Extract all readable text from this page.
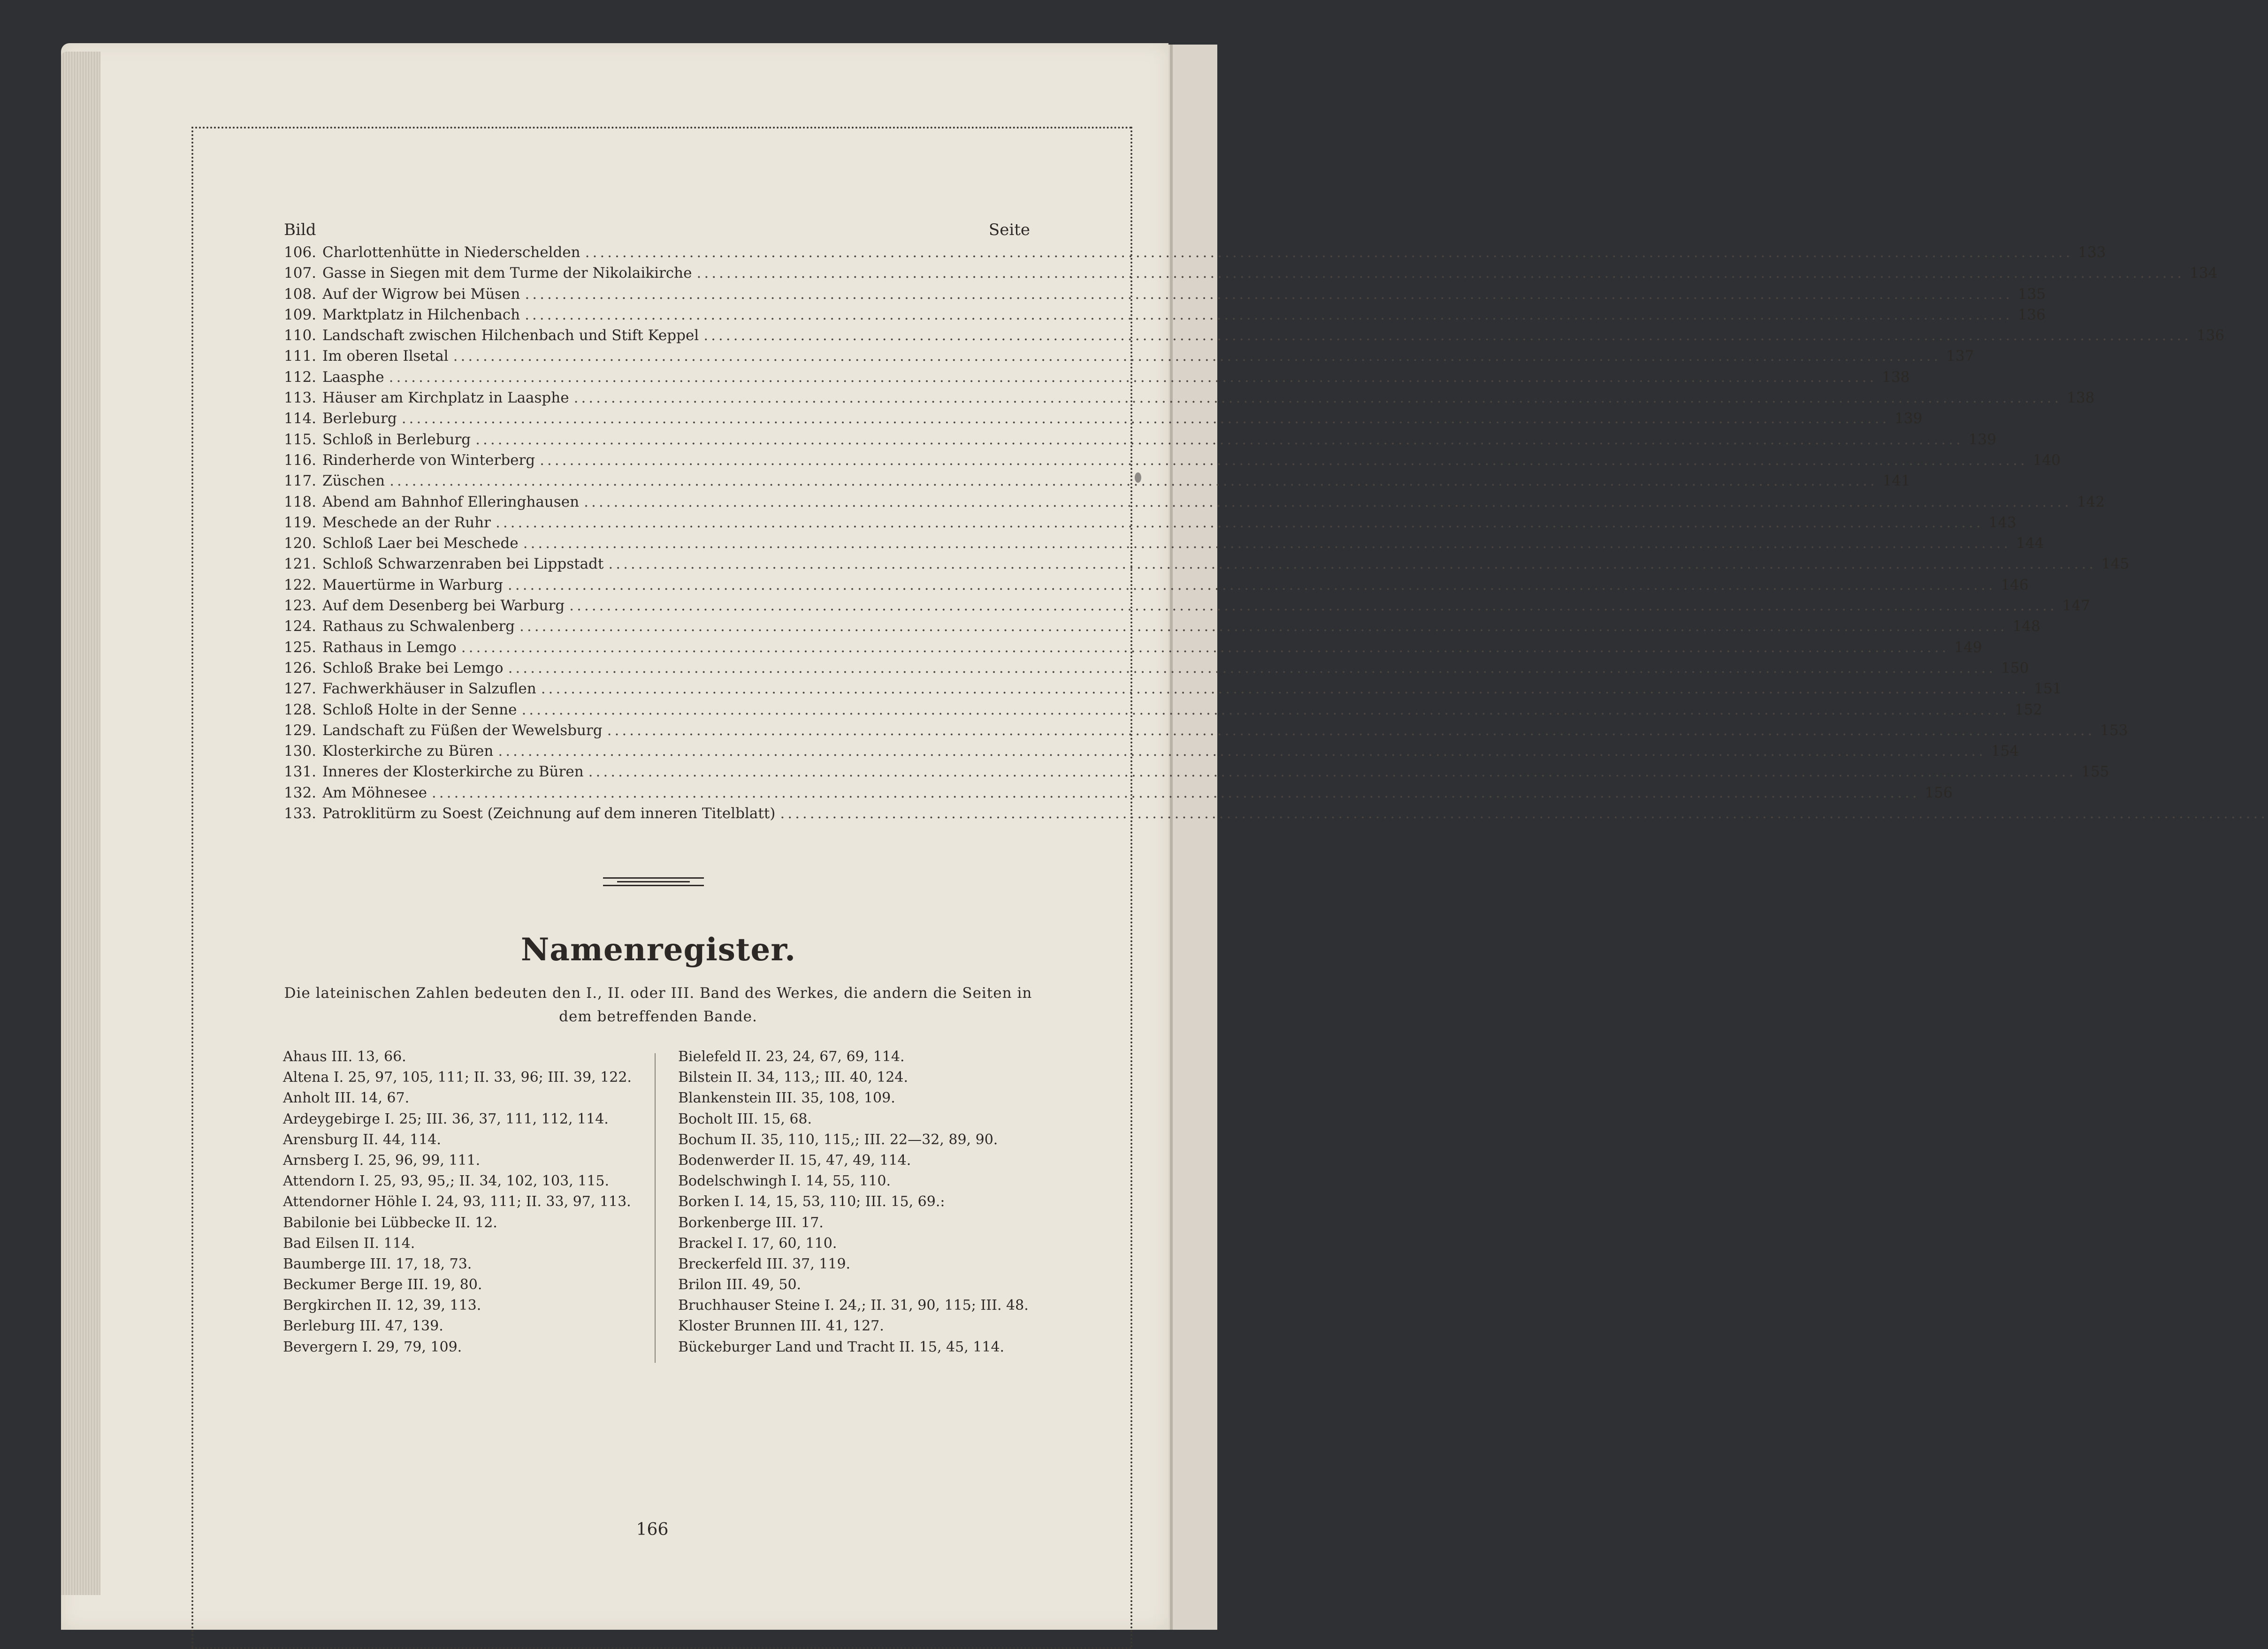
Bild	Seite
106. Charlottenhütte in Niederschelden ........................................................................................................................................................................................................ 133
107. Gasse in Siegen mit dem Turme der Nikolaikirche ........................................................................................................................................................................................................ 134
108. Auf der Wigrow bei Müsen ........................................................................................................................................................................................................ 135
109. Marktplatz in Hilchenbach ........................................................................................................................................................................................................ 136
110. Landschaft zwischen Hilchenbach und Stift Keppel ........................................................................................................................................................................................................ 136
111. Im oberen Ilsetal ........................................................................................................................................................................................................ 137
112. Laasphe ........................................................................................................................................................................................................ 138
113. Häuser am Kirchplatz in Laasphe ........................................................................................................................................................................................................ 138
114. Berleburg ........................................................................................................................................................................................................ 139
115. Schloß in Berleburg ........................................................................................................................................................................................................ 139
116. Rinderherde von Winterberg ........................................................................................................................................................................................................ 140
117. Züschen ........................................................................................................................................................................................................ 141
118. Abend am Bahnhof Elleringhausen ........................................................................................................................................................................................................ 142
119. Meschede an der Ruhr ........................................................................................................................................................................................................ 143
120. Schloß Laer bei Meschede ........................................................................................................................................................................................................ 144
121. Schloß Schwarzenraben bei Lippstadt ........................................................................................................................................................................................................ 145
122. Mauertürme in Warburg ........................................................................................................................................................................................................ 146
123. Auf dem Desenberg bei Warburg ........................................................................................................................................................................................................ 147
124. Rathaus zu Schwalenberg ........................................................................................................................................................................................................ 148
125. Rathaus in Lemgo ........................................................................................................................................................................................................ 149
126. Schloß Brake bei Lemgo ........................................................................................................................................................................................................ 150
127. Fachwerkhäuser in Salzuflen ........................................................................................................................................................................................................ 151
128. Schloß Holte in der Senne ........................................................................................................................................................................................................ 152
129. Landschaft zu Füßen der Wewelsburg ........................................................................................................................................................................................................ 153
130. Klosterkirche zu Büren ........................................................................................................................................................................................................ 154
131. Inneres der Klosterkirche zu Büren ........................................................................................................................................................................................................ 155
132. Am Möhnesee ........................................................................................................................................................................................................ 156
133. Patroklitürm zu Soest (Zeichnung auf dem inneren Titelblatt) ........................................................................................................................................................................................................
Namenregister.
Die lateinischen Zahlen bedeuten den I., II. oder III. Band des Werkes, die andern die Seiten in dem betreffenden Bande.
Ahaus III. 13, 66.
Altena I. 25, 97, 105, 111; II. 33, 96; III. 39, 122.
Anholt III. 14, 67.
Ardeygebirge I. 25; III. 36, 37, 111, 112, 114.
Arensburg II. 44, 114.
Arnsberg I. 25, 96, 99, 111.
Attendorn I. 25, 93, 95,; II. 34, 102, 103, 115.
Attendorner Höhle I. 24, 93, 111; II. 33, 97, 113.
Babilonie bei Lübbecke II. 12.
Bad Eilsen II. 114.
Baumberge III. 17, 18, 73.
Beckumer Berge III. 19, 80.
Bergkirchen II. 12, 39, 113.
Berleburg III. 47, 139.
Bevergern I. 29, 79, 109.
Bielefeld II. 23, 24, 67, 69, 114.
Bilstein II. 34, 113,; III. 40, 124.
Blankenstein III. 35, 108, 109.
Bocholt III. 15, 68.
Bochum II. 35, 110, 115,; III. 22—32, 89, 90.
Bodenwerder II. 15, 47, 49, 114.
Bodelschwingh I. 14, 55, 110.
Borken I. 14, 15, 53, 110; III. 15, 69.:
Borkenberge III. 17.
Brackel I. 17, 60, 110.
Breckerfeld III. 37, 119.
Brilon III. 49, 50.
Bruchhauser Steine I. 24,; II. 31, 90, 115; III. 48.
Kloster Brunnen III. 41, 127.
Bückeburger Land und Tracht II. 15, 45, 114.
166
